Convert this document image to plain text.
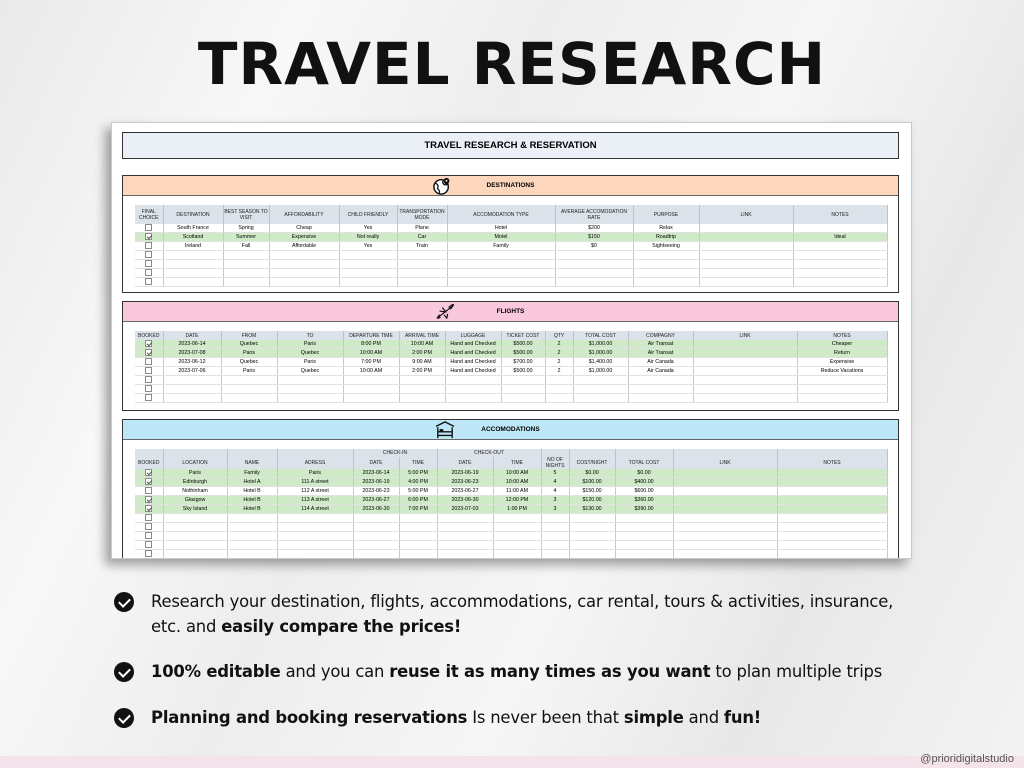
TRAVEL RESEARCH
TRAVEL RESEARCH & RESERVATION
DESTINATIONS
FINAL CHOICE	DESTINATION	BEST SEASON TO VISIT	AFFORDABILITY	CHILD FRIENDLY	TRANSPORTATION MODE	ACCOMODATION TYPE	AVERAGE ACCOMODATION RATE	PURPOSE	LINK	NOTES
	South France	Spring	Cheap	Yes	Plane	Hotel	$200	Relax		
	Scotland	Summer	Expensive	Not really	Car	Motel	$150	Roadtrip		Ideal
	Ireland	Fall	Affordable	Yes	Train	Family	$0	Sightseeing		

FLIGHTS
BOOKED	DATE	FROM	TO	DEPARTURE TIME	ARRIVAL TIME	LUGGAGE	TICKET COST	QTY	TOTAL COST	COMPAGNY	LINK	NOTES
	2023-06-14	Quebec	Paris	8:00 PM	10:00 AM	Hand and Checked	$500.00	2	$1,000.00	Air Transat		Cheaper
	2023-07-08	Paris	Quebec	10:00 AM	2:00 PM	Hand and Checked	$500.00	2	$1,000.00	Air Transat		Return
	2023-06-12	Quebec	Paris	7:00 PM	9:00 AM	Hand and Checked	$700.00	2	$1,400.00	Air Canada		Expensive
	2023-07-06	Paris	Quebec	10:00 AM	2:00 PM	Hand and Checked	$500.00	2	$1,000.00	Air Canada		Reduce Vacations

ACCOMODATIONS
				CHECK-IN		CHECK-OUT						
BOOKED	LOCATION	NAME	ADRESS	DATE	TIME	DATE	TIME	NO OF NIGHTS	COST/NIGHT	TOTAL COST	LINK	NOTES
	Paris	Family	Paris	2023-06-14	5:00 PM	2023-06-19	10:00 AM	5	$0.00	$0.00		
	Edinburgh	Hotel A	111 A street	2023-06-19	4:00 PM	2023-06-23	10:00 AM	4	$100.00	$400.00		
	Nothinham	Hotel B	112 A street	2023-06-23	5:00 PM	2023-06-27	11:00 AM	4	$150.00	$600.00		
	Glasgow	Hotel B	113 A street	2023-06-27	6:00 PM	2023-06-30	12:00 PM	3	$120.00	$360.00		
	Sky Island	Hotel B	114 A street	2023-06-30	7:00 PM	2023-07-03	1:00 PM	3	$130.00	$390.00		

Research your destination, flights, accommodations, car rental, tours & activities, insurance, etc. and easily compare the prices!
100% editable and you can reuse it as many times as you want to plan multiple trips
Planning and booking reservations Is never been that simple and fun!
@prioridigitalstudio
